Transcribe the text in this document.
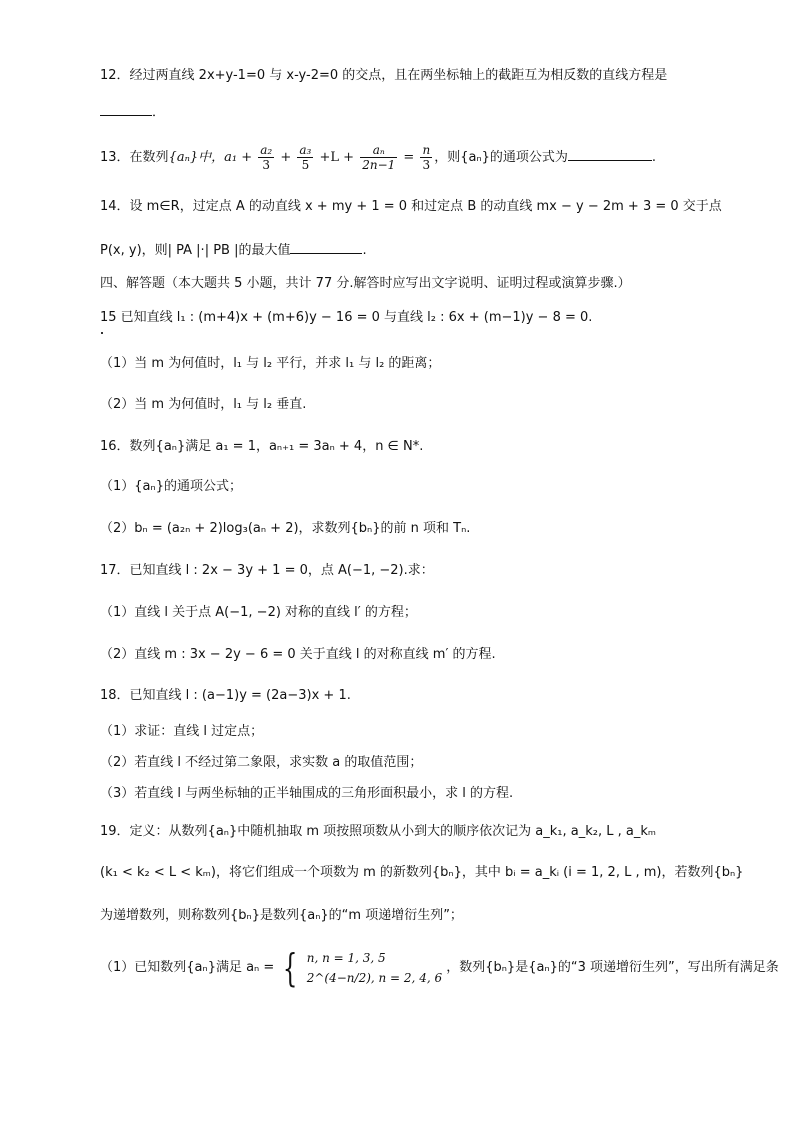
12．经过两直线 2x+y-1=0 与 x-y-2=0 的交点，且在两坐标轴上的截距互为相反数的直线方程是
．
13．在数列{aₙ}中，$a_1 + \frac{\text{a₂}}{3} + \frac{\text{a₃}}{5} +L + \frac{\text{aₙ}}{2n-1} = \frac{n}{3}$ ，则{aₙ}的通项公式为	.
14．设 m∈R，过定点 A 的动直线 x + my + 1 = 0 和过定点 B 的动直线 mx − y − 2m + 3 = 0 交于点
P(x, y)，则| PA |·| PB |的最大值	.
四、解答题（本大题共 5 小题，共计 77 分.解答时应写出文字说明、证明过程或演算步骤.）
15 已知直线 l₁ : (m+4)x + (m+6)y − 16 = 0 与直线 l₂ : 6x + (m−1)y − 8 = 0.
（1）当 m 为何值时，l₁ 与 l₂ 平行，并求 l₁ 与 l₂ 的距离；
（2）当 m 为何值时，l₁ 与 l₂ 垂直.
16．数列{aₙ}满足 a₁ = 1，aₙ₊₁ = 3aₙ + 4，n ∈ N*.
（1）{aₙ}的通项公式；
（2）bₙ = (a₂ₙ + 2)log₃(aₙ + 2)，求数列{bₙ}的前 n 项和 Tₙ.
17．已知直线 l : 2x − 3y + 1 = 0，点 A(−1, −2).求：
（1）直线 l 关于点 A(−1, −2) 对称的直线 l′ 的方程；
（2）直线 m : 3x − 2y − 6 = 0 关于直线 l 的对称直线 m′ 的方程.
18．已知直线 l : (a−1)y = (2a−3)x + 1.
（1）求证：直线 l 过定点；
（2）若直线 l 不经过第二象限，求实数 a 的取值范围；
（3）若直线 l 与两坐标轴的正半轴围成的三角形面积最小，求 l 的方程.
19．定义：从数列{aₙ}中随机抽取 m 项按照项数从小到大的顺序依次记为 a_k₁, a_k₂, L , a_kₘ
(k₁ < k₂ < L < kₘ)，将它们组成一个项数为 m 的新数列{bₙ}，其中 bᵢ = a_kᵢ (i = 1, 2, L , m)，若数列{bₙ}
为递增数列，则称数列{bₙ}是数列{aₙ}的“m 项递增衍生列”；
（1）已知数列{aₙ}满足 aₙ = { n, n = 1, 3, 5
2^(4−n/2), n = 2, 4, 6
，数列{bₙ}是{aₙ}的“3 项递增衍生列”，写出所有满足条
